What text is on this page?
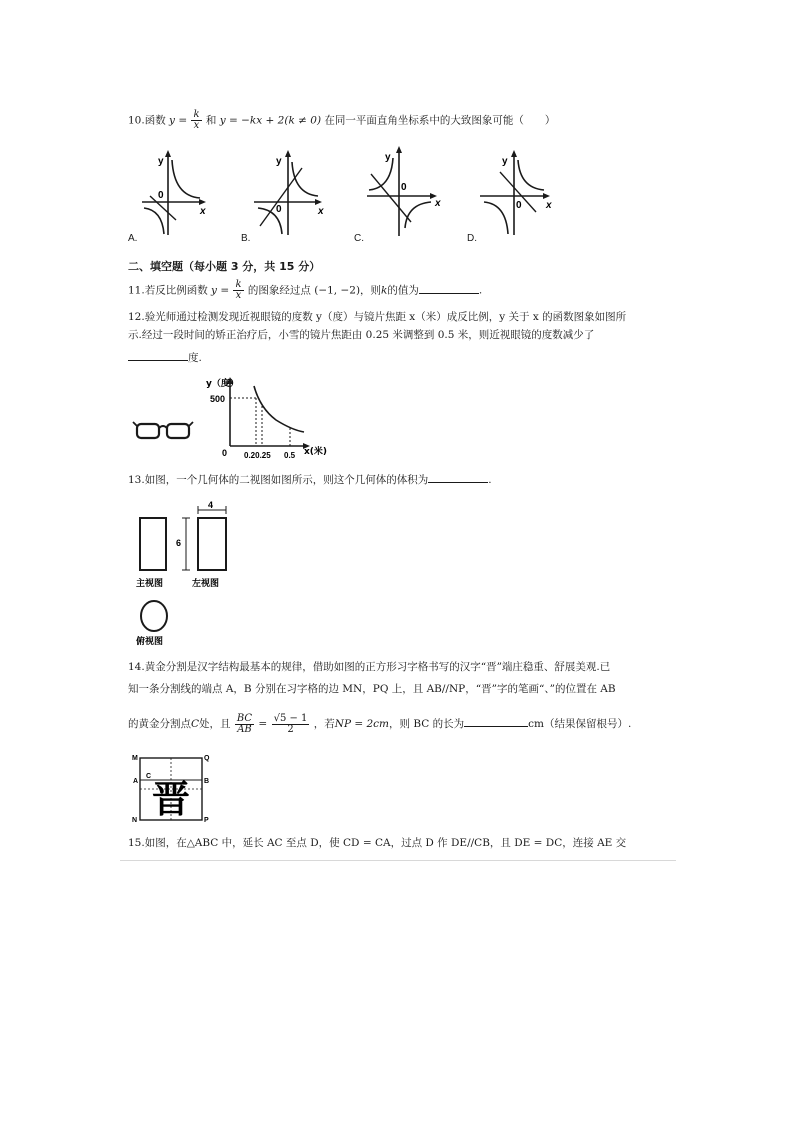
10.函数 $y = \frac{k}{x}$ 和 y = −kx + 2(k ≠ 0) 在同一平面直角坐标系中的大致图象可能（　　）
y
0
x
A.
y
0	x
B.
y
0
x
C.
y
0 x
D.
二、填空题（每小题 3 分，共 15 分）
11.若反比例函数 $y = \frac{k}{x}$ 的图象经过点 (−1, −2)，则k的值为	.
12.验光师通过检测发现近视眼镜的度数 y（度）与镜片焦距 x（米）成反比例，y 关于 x 的函数图象如图所
示.经过一段时间的矫正治疗后，小雪的镜片焦距由 0.25 米调整到 0.5 米，则近视眼镜的度数减少了
度.
y（度）
500
0 0.20.25 0.5 x(米)
13.如图，一个几何体的二视图如图所示，则这个几何体的体积为	.
4
6
主视图	左视图
俯视图
14.黄金分割是汉字结构最基本的规律，借助如图的正方形习字格书写的汉字“晋”端庄稳重、舒展美观.已
知一条分割线的端点 A，B 分别在习字格的边 MN，PQ 上，且 AB//NP，“晋”字的笔画“、”的位置在 AB
的黄金分割点C处，且 $\frac{BC}{AB} = \frac{√5 - 1}{2}$ ，若NP = 2cm，则 BC 的长为	cm（结果保留根号）.
晋
M	Q
A	B
C
N	P
15.如图，在△ABC 中，延长 AC 至点 D，使 CD = CA，过点 D 作 DE//CB，且 DE = DC，连接 AE 交
